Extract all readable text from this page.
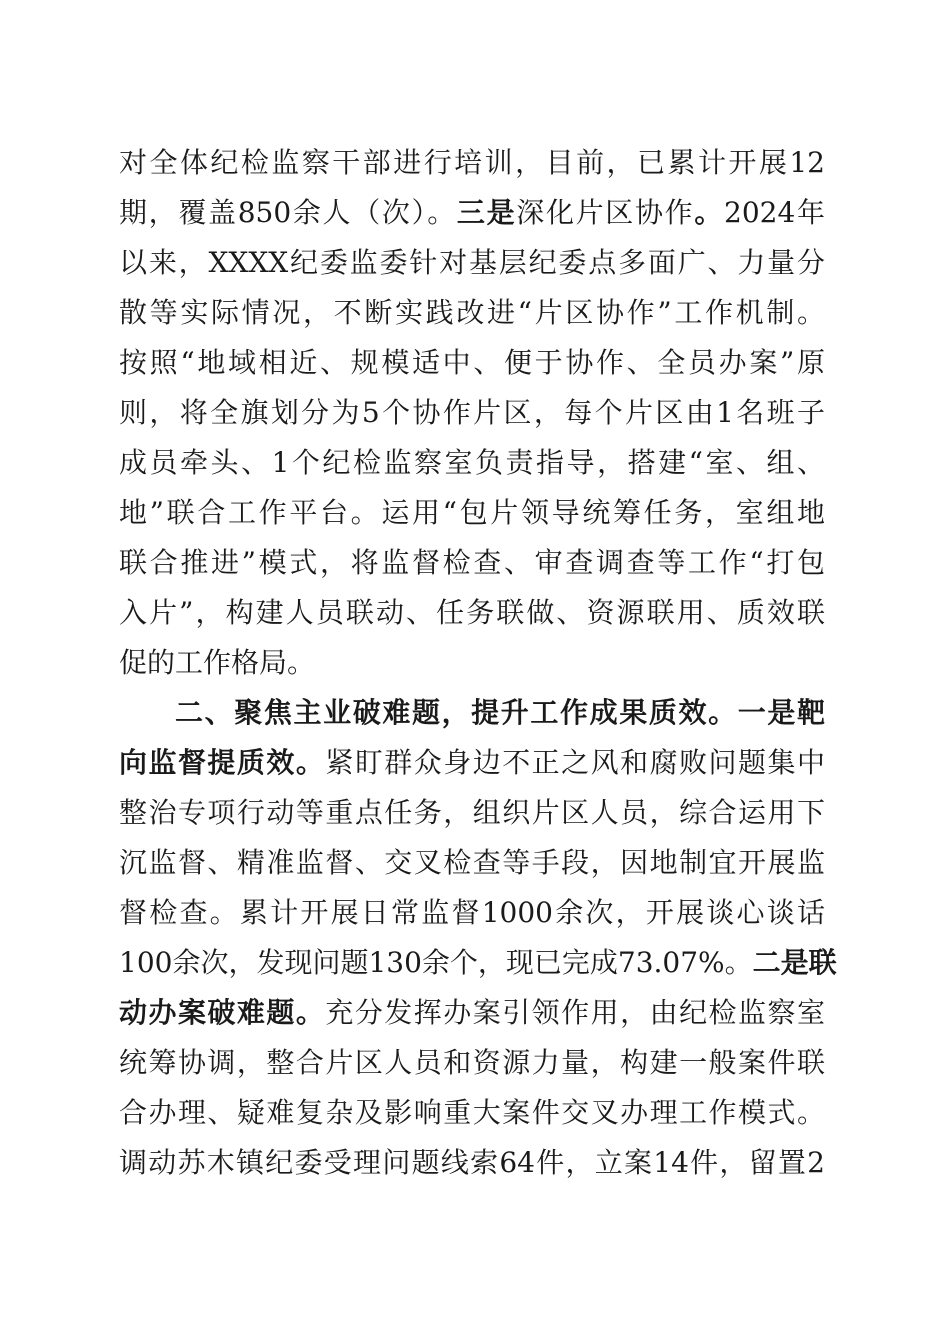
对全体纪检监察干部进行培训，目前，已累计开展12
期，覆盖850余人（次）。三是深化片区协作。2024年
以来，XXXX纪委监委针对基层纪委点多面广、力量分
散等实际情况，不断实践改进“片区协作”工作机制。
按照“地域相近、规模适中、便于协作、全员办案”原
则，将全旗划分为5个协作片区，每个片区由1名班子
成员牵头、1个纪检监察室负责指导，搭建“室、组、
地”联合工作平台。运用“包片领导统筹任务，室组地
联合推进”模式，将监督检查、审查调查等工作“打包
入片”，构建人员联动、任务联做、资源联用、质效联
促的工作格局。
二、聚焦主业破难题，提升工作成果质效。一是靶
向监督提质效。紧盯群众身边不正之风和腐败问题集中
整治专项行动等重点任务，组织片区人员，综合运用下
沉监督、精准监督、交叉检查等手段，因地制宜开展监
督检查。累计开展日常监督1000余次，开展谈心谈话
100余次，发现问题130余个，现已完成73.07%。二是联
动办案破难题。充分发挥办案引领作用，由纪检监察室
统筹协调，整合片区人员和资源力量，构建一般案件联
合办理、疑难复杂及影响重大案件交叉办理工作模式。
调动苏木镇纪委受理问题线索64件，立案14件，留置2
